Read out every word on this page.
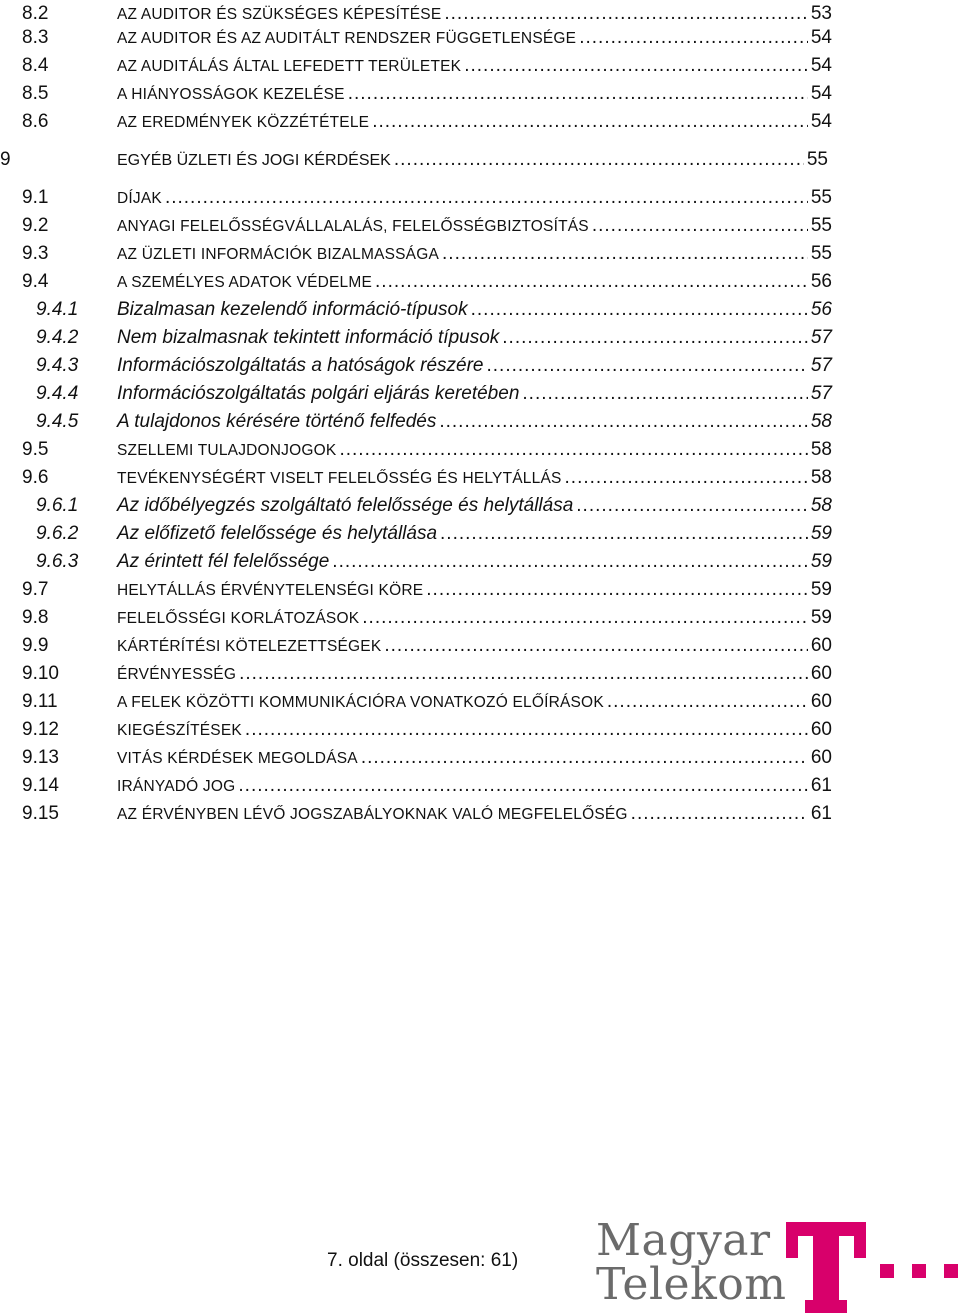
8.2	AZ AUDITOR ÉS SZÜKSÉGES KÉPESÍTÉSE .....	53
8.3	AZ AUDITOR ÉS AZ AUDITÁLT RENDSZER FÜGGETLENSÉGE .....	54
8.4	AZ AUDITÁLÁS ÁLTAL LEFEDETT TERÜLETEK .....	54
8.5	A HIÁNYOSSÁGOK KEZELÉSE .....	54
8.6	AZ EREDMÉNYEK KÖZZÉTÉTELE .....	54
9	EGYÉB ÜZLETI ÉS JOGI KÉRDÉSEK .....	55
9.1	DÍJAK .....	55
9.2	ANYAGI FELELŐSSÉGVÁLLALALÁS, FELELŐSSÉGBIZTOSÍTÁS .....	55
9.3	AZ ÜZLETI INFORMÁCIÓK BIZALMASSÁGA .....	55
9.4	A SZEMÉLYES ADATOK VÉDELME .....	56
9.4.1 Bizalmasan kezelendő információ-típusok .....	56
9.4.2 Nem bizalmasnak tekintett információ típusok .....	57
9.4.3 Információszolgáltatás a hatóságok részére .....	57
9.4.4 Információszolgáltatás polgári eljárás keretében .....	57
9.4.5 A tulajdonos kérésére történő felfedés .....	58
9.5	SZELLEMI TULAJDONJOGOK .....	58
9.6	TEVÉKENYSÉGÉRT VISELT FELELŐSSÉG ÉS HELYTÁLLÁS .....	58
9.6.1 Az időbélyegzés szolgáltató felelőssége és helytállása .....	58
9.6.2 Az előfizető felelőssége és helytállása .....	59
9.6.3 Az érintett fél felelőssége .....	59
9.7	HELYTÁLLÁS ÉRVÉNYTELENSÉGI KÖRE .....	59
9.8	FELELŐSSÉGI KORLÁTOZÁSOK .....	59
9.9	KÁRTÉRÍTÉSI KÖTELEZETTSÉGEK .....	60
9.10	ÉRVÉNYESSÉG .....	60
9.11	A FELEK KÖZÖTTI KOMMUNIKÁCIÓRA VONATKOZÓ ELŐÍRÁSOK .....	60
9.12	KIEGÉSZÍTÉSEK .....	60
9.13	VITÁS KÉRDÉSEK MEGOLDÁSA .....	60
9.14	IRÁNYADÓ JOG .....	61
9.15	AZ ÉRVÉNYBEN LÉVŐ JOGSZABÁLYOKNAK VALÓ MEGFELELŐSÉG .....	61
7. oldal (összesen: 61) Magyar
Telekom
